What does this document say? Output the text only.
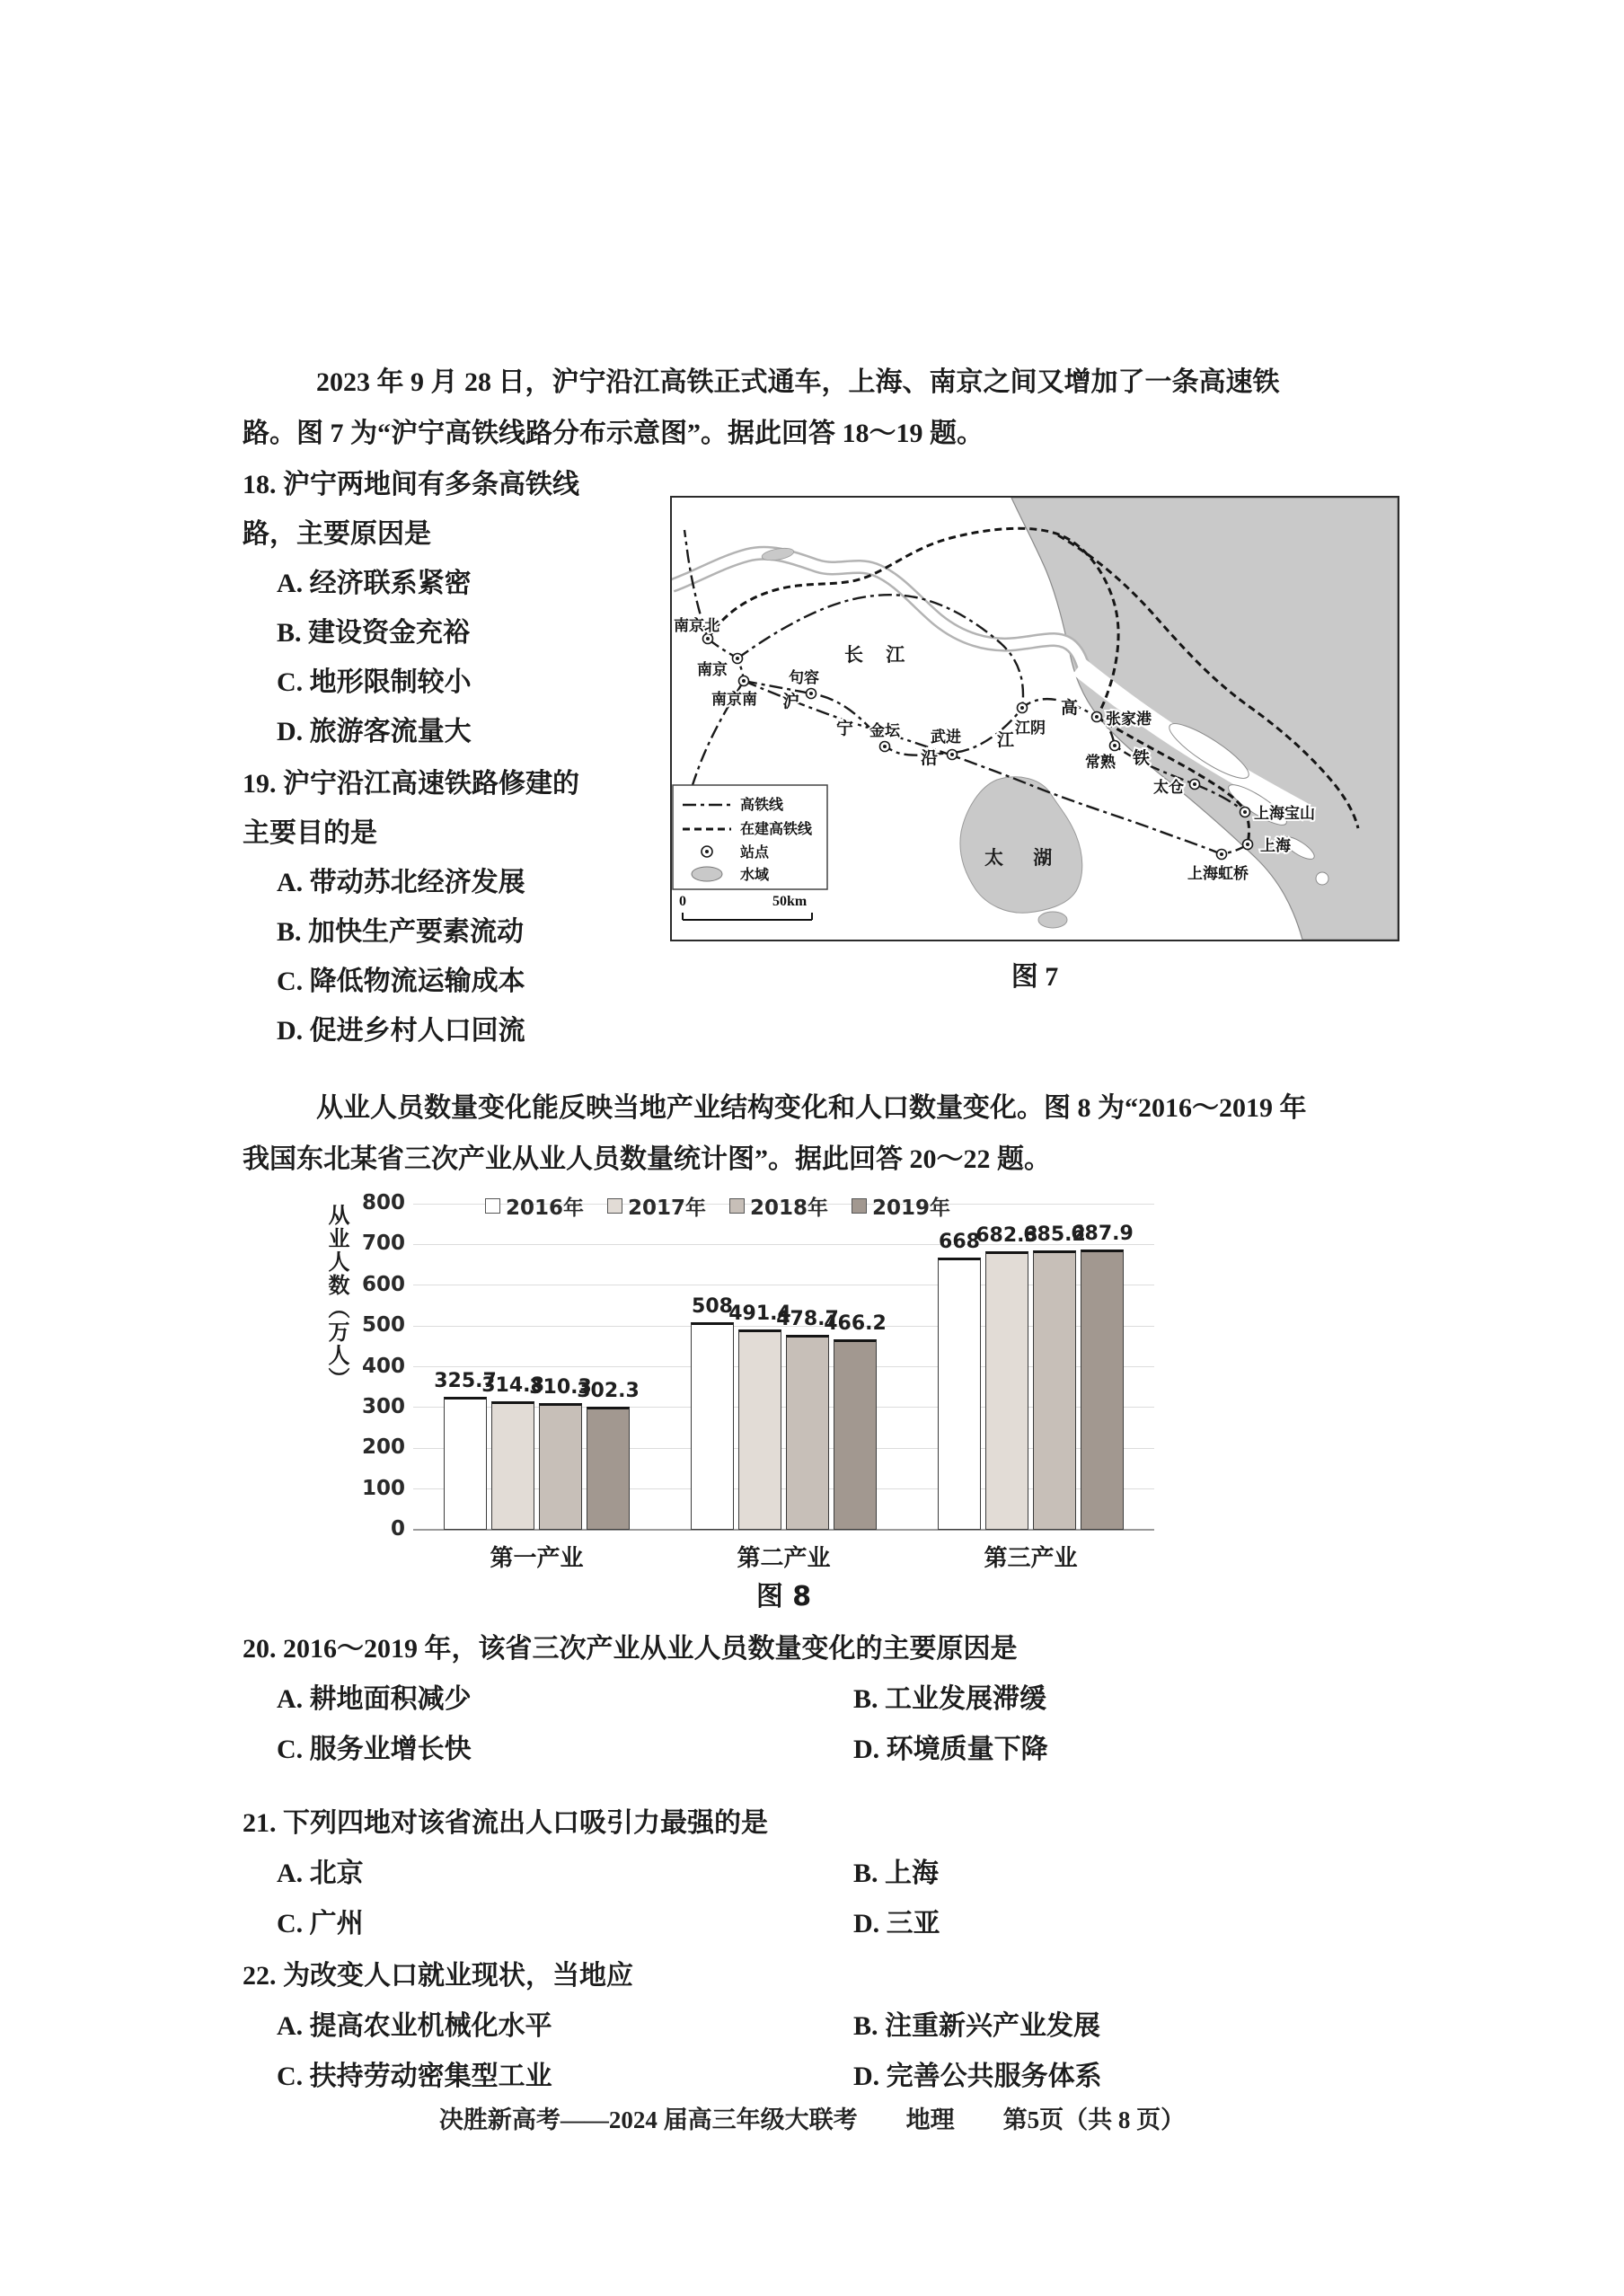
2023 年 9 月 28 日，沪宁沿江高铁正式通车，上海、南京之间又增加了一条高速铁
路。图 7 为“沪宁高铁线路分布示意图”。据此回答 18～19 题。
18. 沪宁两地间有多条高铁线
路，主要原因是
A. 经济联系紧密
B. 建设资金充裕
C. 地形限制较小
D. 旅游客流量大
19. 沪宁沿江高速铁路修建的
主要目的是
A. 带动苏北经济发展
B. 加快生产要素流动
C. 降低物流运输成本
D. 促进乡村人口回流
长 江
太 湖
南京北
南京
南京南
句容
金坛 武进
江阴
张家港
常熟
太仓
上海宝山
上海
上海虹桥
沪
宁
沿
江
高
铁
高铁线
在建高铁线
站点
水域
0	50km
图 7
从业人员数量变化能反映当地产业结构变化和人口数量变化。图 8 为“2016～2019 年
我国东北某省三次产业从业人员数量统计图”。据此回答 20～22 题。
从业人数（万人）
图 8
0
100
200
300
400
500
600
700
800
325.7
314.8
310.3
302.3
第一产业
508
491.4
478.7
466.2
第二产业
668
682.3
685.2
687.9
第三产业
2016年 2017年 2018年 2019年
20. 2016～2019 年，该省三次产业从业人员数量变化的主要原因是
A. 耕地面积减少	B. 工业发展滞缓
C. 服务业增长快	D. 环境质量下降
21. 下列四地对该省流出人口吸引力最强的是
A. 北京	B. 上海
C. 广州	D. 三亚
22. 为改变人口就业现状，当地应
A. 提高农业机械化水平	B. 注重新兴产业发展
C. 扶持劳动密集型工业	D. 完善公共服务体系
决胜新高考——2024 届高三年级大联考　　地理　　第5页（共 8 页）
